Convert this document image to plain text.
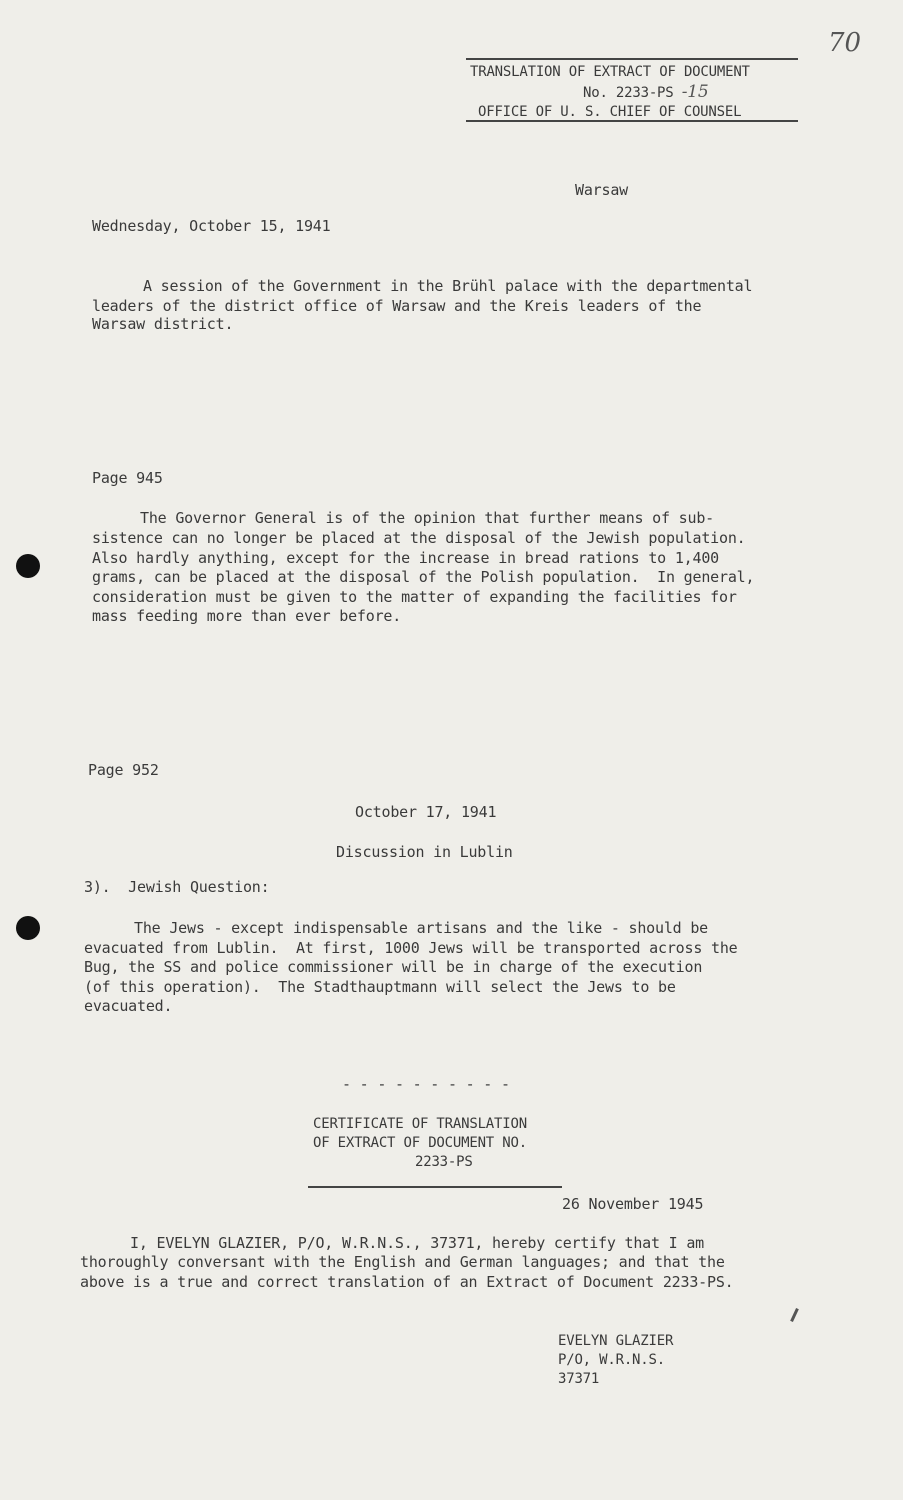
70
TRANSLATION OF EXTRACT OF DOCUMENT
No. 2233-PS -15
OFFICE OF U. S. CHIEF OF COUNSEL
Warsaw
Wednesday, October 15, 1941
A session of the Government in the Brühl palace with the departmental
leaders of the district office of Warsaw and the Kreis leaders of the
Warsaw district.
Page 945
The Governor General is of the opinion that further means of sub-
sistence can no longer be placed at the disposal of the Jewish population.
Also hardly anything, except for the increase in bread rations to 1,400
grams, can be placed at the disposal of the Polish population.  In general,
consideration must be given to the matter of expanding the facilities for
mass feeding more than ever before.
Page 952
October 17, 1941
Discussion in Lublin
3).  Jewish Question:
The Jews - except indispensable artisans and the like - should be
evacuated from Lublin.  At first, 1000 Jews will be transported across the
Bug, the SS and police commissioner will be in charge of the execution
(of this operation).  The Stadthauptmann will select the Jews to be
evacuated.
- - - - - - - - - -
CERTIFICATE OF TRANSLATION
OF EXTRACT OF DOCUMENT NO.
2233-PS
26 November 1945
I, EVELYN GLAZIER, P/O, W.R.N.S., 37371, hereby certify that I am
thoroughly conversant with the English and German languages; and that the
above is a true and correct translation of an Extract of Document 2233-PS.
EVELYN GLAZIER
P/O, W.R.N.S.
37371
